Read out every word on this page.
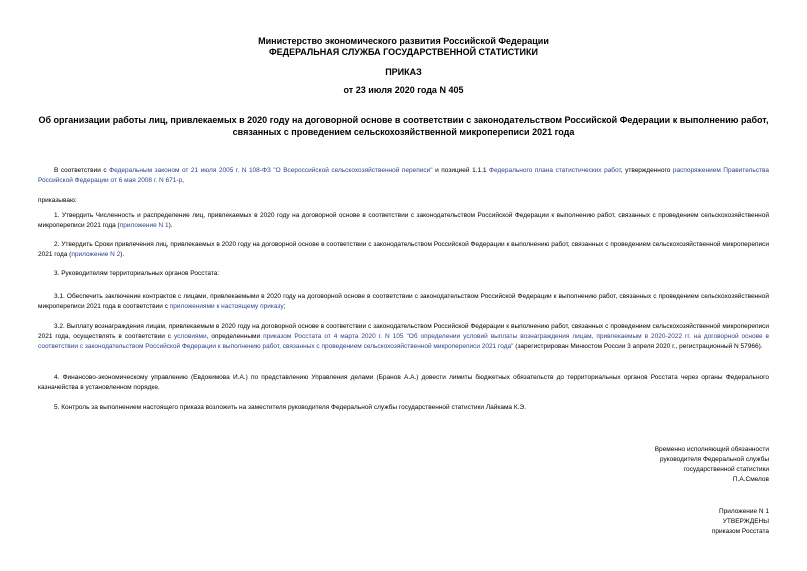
Министерство экономического развития Российской Федерации
ФЕДЕРАЛЬНАЯ СЛУЖБА ГОСУДАРСТВЕННОЙ СТАТИСТИКИ
ПРИКАЗ
от 23 июля 2020 года N 405
Об организации работы лиц, привлекаемых в 2020 году на договорной основе в соответствии с законодательством Российской Федерации к выполнению работ,
связанных с проведением сельскохозяйственной микропереписи 2021 года
В соответствии с Федеральным законом от 21 июля 2005 г. N 108-ФЗ "О Всероссийской сельскохозяйственной переписи" и позицией 1.1.1 Федерального плана статистических работ, утвержденного распоряжением Правительства Российской Федерации от 6 мая 2008 г. N 671-р,
приказываю:
1. Утвердить Численность и распределение лиц, привлекаемых в 2020 году на договорной основе в соответствии с законодательством Российской Федерации к выполнению работ, связанных с проведением сельскохозяйственной микропереписи 2021 года (приложение N 1).
2. Утвердить Сроки привлечения лиц, привлекаемых в 2020 году на договорной основе в соответствии с законодательством Российской Федерации к выполнению работ, связанных с проведением сельскохозяйственной микропереписи 2021 года (приложение N 2).
3. Руководителям территориальных органов Росстата:
3.1. Обеспечить заключение контрактов с лицами, привлекаемыми в 2020 году на договорной основе в соответствии с законодательством Российской Федерации к выполнению работ, связанных с проведением сельскохозяйственной микропереписи 2021 года в соответствии с приложениями к настоящему приказу;
3.2. Выплату вознаграждения лицам, привлекаемым в 2020 году на договорной основе в соответствии с законодательством Российской Федерации к выполнению работ, связанных с проведением сельскохозяйственной микропереписи 2021 года, осуществлять в соответствии с условиями, определенными приказом Росстата от 4 марта 2020 г. N 105 "Об определении условий выплаты вознаграждения лицам, привлекаемым в 2020-2022 гг. на договорной основе в соответствии с законодательством Российской Федерации к выполнению работ, связанных с проведением сельскохозяйственной микропереписи 2021 года" (зарегистрирован Минюстом России 3 апреля 2020 г., регистрационный N 57966).
4. Финансово-экономическому управлению (Евдокимова И.А.) по представлению Управления делами (Бранов А.А.) довести лимиты бюджетных обязательств до территориальных органов Росстата через органы Федерального казначейства в установленном порядке.
5. Контроль за выполнением настоящего приказа возложить на заместителя руководителя Федеральной службы государственной статистики Лайкама К.Э.
Временно исполняющий обязанности
руководителя Федеральной службы
государственной статистики
П.А.Смелов
Приложение N 1
УТВЕРЖДЕНЫ
приказом Росстата
